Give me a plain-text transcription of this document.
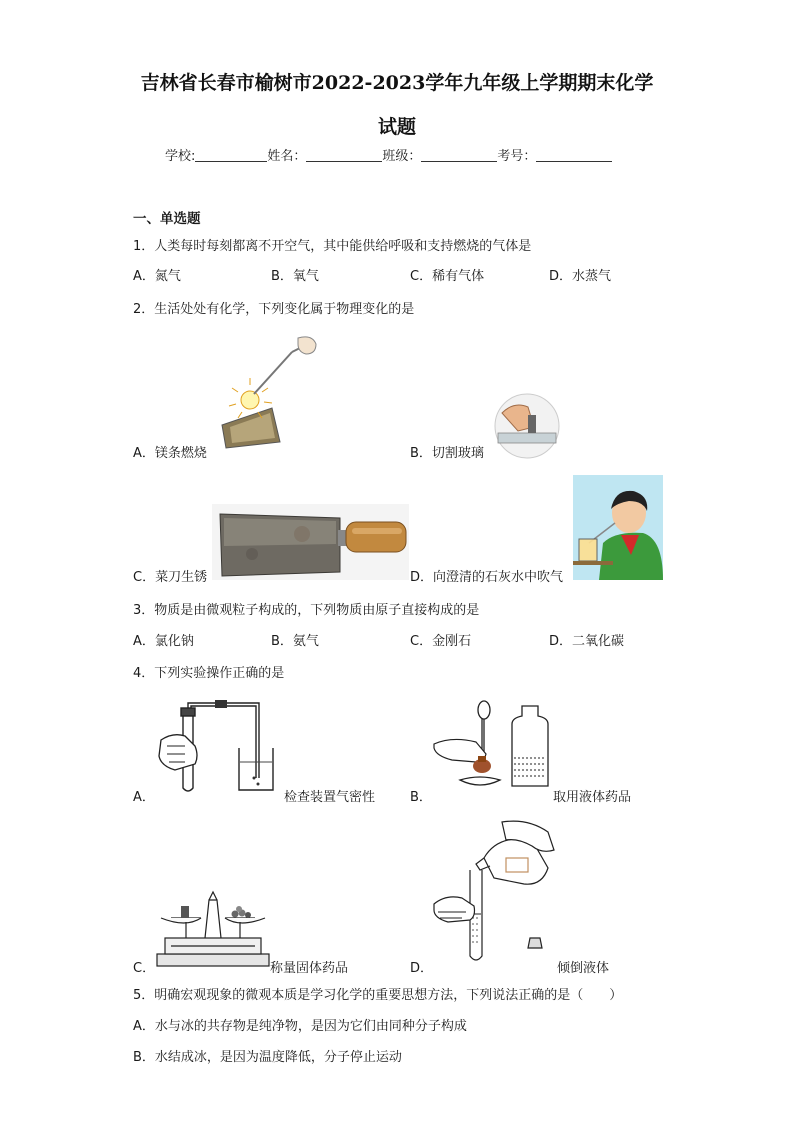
吉林省长春市榆树市2022-2023学年九年级上学期期末化学
试题
学校:	姓名：	班级：	考号：
一、单选题
1．人类每时每刻都离不开空气，其中能供给呼吸和支持燃烧的气体是
A．氮气	B．氧气	C．稀有气体	D．水蒸气
2．生活处处有化学，下列变化属于物理变化的是
A．镁条燃烧	B．切割玻璃
C．菜刀生锈	D．向澄清的石灰水中吹气
3．物质是由微观粒子构成的，下列物质由原子直接构成的是
A．氯化钠	B．氨气	C．金刚石	D．二氧化碳
4．下列实验操作正确的是
A．	检查装置气密性	B．	取用液体药品
C．	称量固体药品	D．	倾倒液体
5．明确宏观现象的微观本质是学习化学的重要思想方法，下列说法正确的是（　　）
A．水与冰的共存物是纯净物，是因为它们由同种分子构成
B．水结成冰，是因为温度降低，分子停止运动
